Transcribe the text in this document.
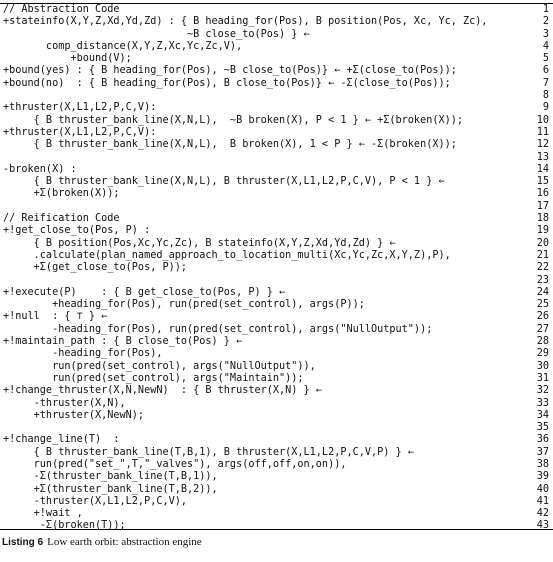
// Abstraction Code	1
+stateinfo(X,Y,Z,Xd,Yd,Zd) : { B heading_for(Pos), B position(Pos, Xc, Yc, Zc),	2
~B close_to(Pos) } ←	3
comp_distance(X,Y,Z,Xc,Yc,Zc,V),	4
+bound(V);	5
+bound(yes) : { B heading_for(Pos), ~B close_to(Pos)} ← +Σ(close_to(Pos));	6
+bound(no)  : { B heading_for(Pos), B close_to(Pos)} ← -Σ(close_to(Pos));	7
8
+thruster(X,L1,L2,P,C,V):	9
{ B thruster_bank_line(X,N,L),  ~B broken(X), P < 1 } ← +Σ(broken(X));	10
+thruster(X,L1,L2,P,C,V):	11
{ B thruster_bank_line(X,N,L),  B broken(X), 1 < P } ← -Σ(broken(X));	12
13
-broken(X) :	14
{ B thruster_bank_line(X,N,L), B thruster(X,L1,L2,P,C,V), P < 1 } ←	15
+Σ(broken(X));	16
17
// Reification Code	18
+!get_close_to(Pos, P) :	19
{ B position(Pos,Xc,Yc,Zc), B stateinfo(X,Y,Z,Xd,Yd,Zd) } ←	20
.calculate(plan_named_approach_to_location_multi(Xc,Yc,Zc,X,Y,Z),P),	21
+Σ(get_close_to(Pos, P));	22
23
+!execute(P)    : { B get_close_to(Pos, P) } ←	24
+heading_for(Pos), run(pred(set_control), args(P));	25
+!null  : { ⊤ } ←	26
-heading_for(Pos), run(pred(set_control), args("NullOutput"));	27
+!maintain_path : { B close_to(Pos) } ←	28
-heading_for(Pos),	29
run(pred(set_control), args("NullOutput")),	30
run(pred(set_control), args("Maintain"));	31
+!change_thruster(X,N,NewN)  : { B thruster(X,N) } ←	32
-thruster(X,N),	33
+thruster(X,NewN);	34
35
+!change_line(T)  :	36
{ B thruster_bank_line(T,B,1), B thruster(X,L1,L2,P,C,V,P) } ←	37
run(pred("set_",T,"_valves"), args(off,off,on,on)),	38
-Σ(thruster_bank_line(T,B,1)),	39
+Σ(thruster_bank_line(T,B,2)),	40
-thruster(X,L1,L2,P,C,V),	41
+!wait ,	42
-Σ(broken(T));	43
Listing 6 Low earth orbit: abstraction engine
